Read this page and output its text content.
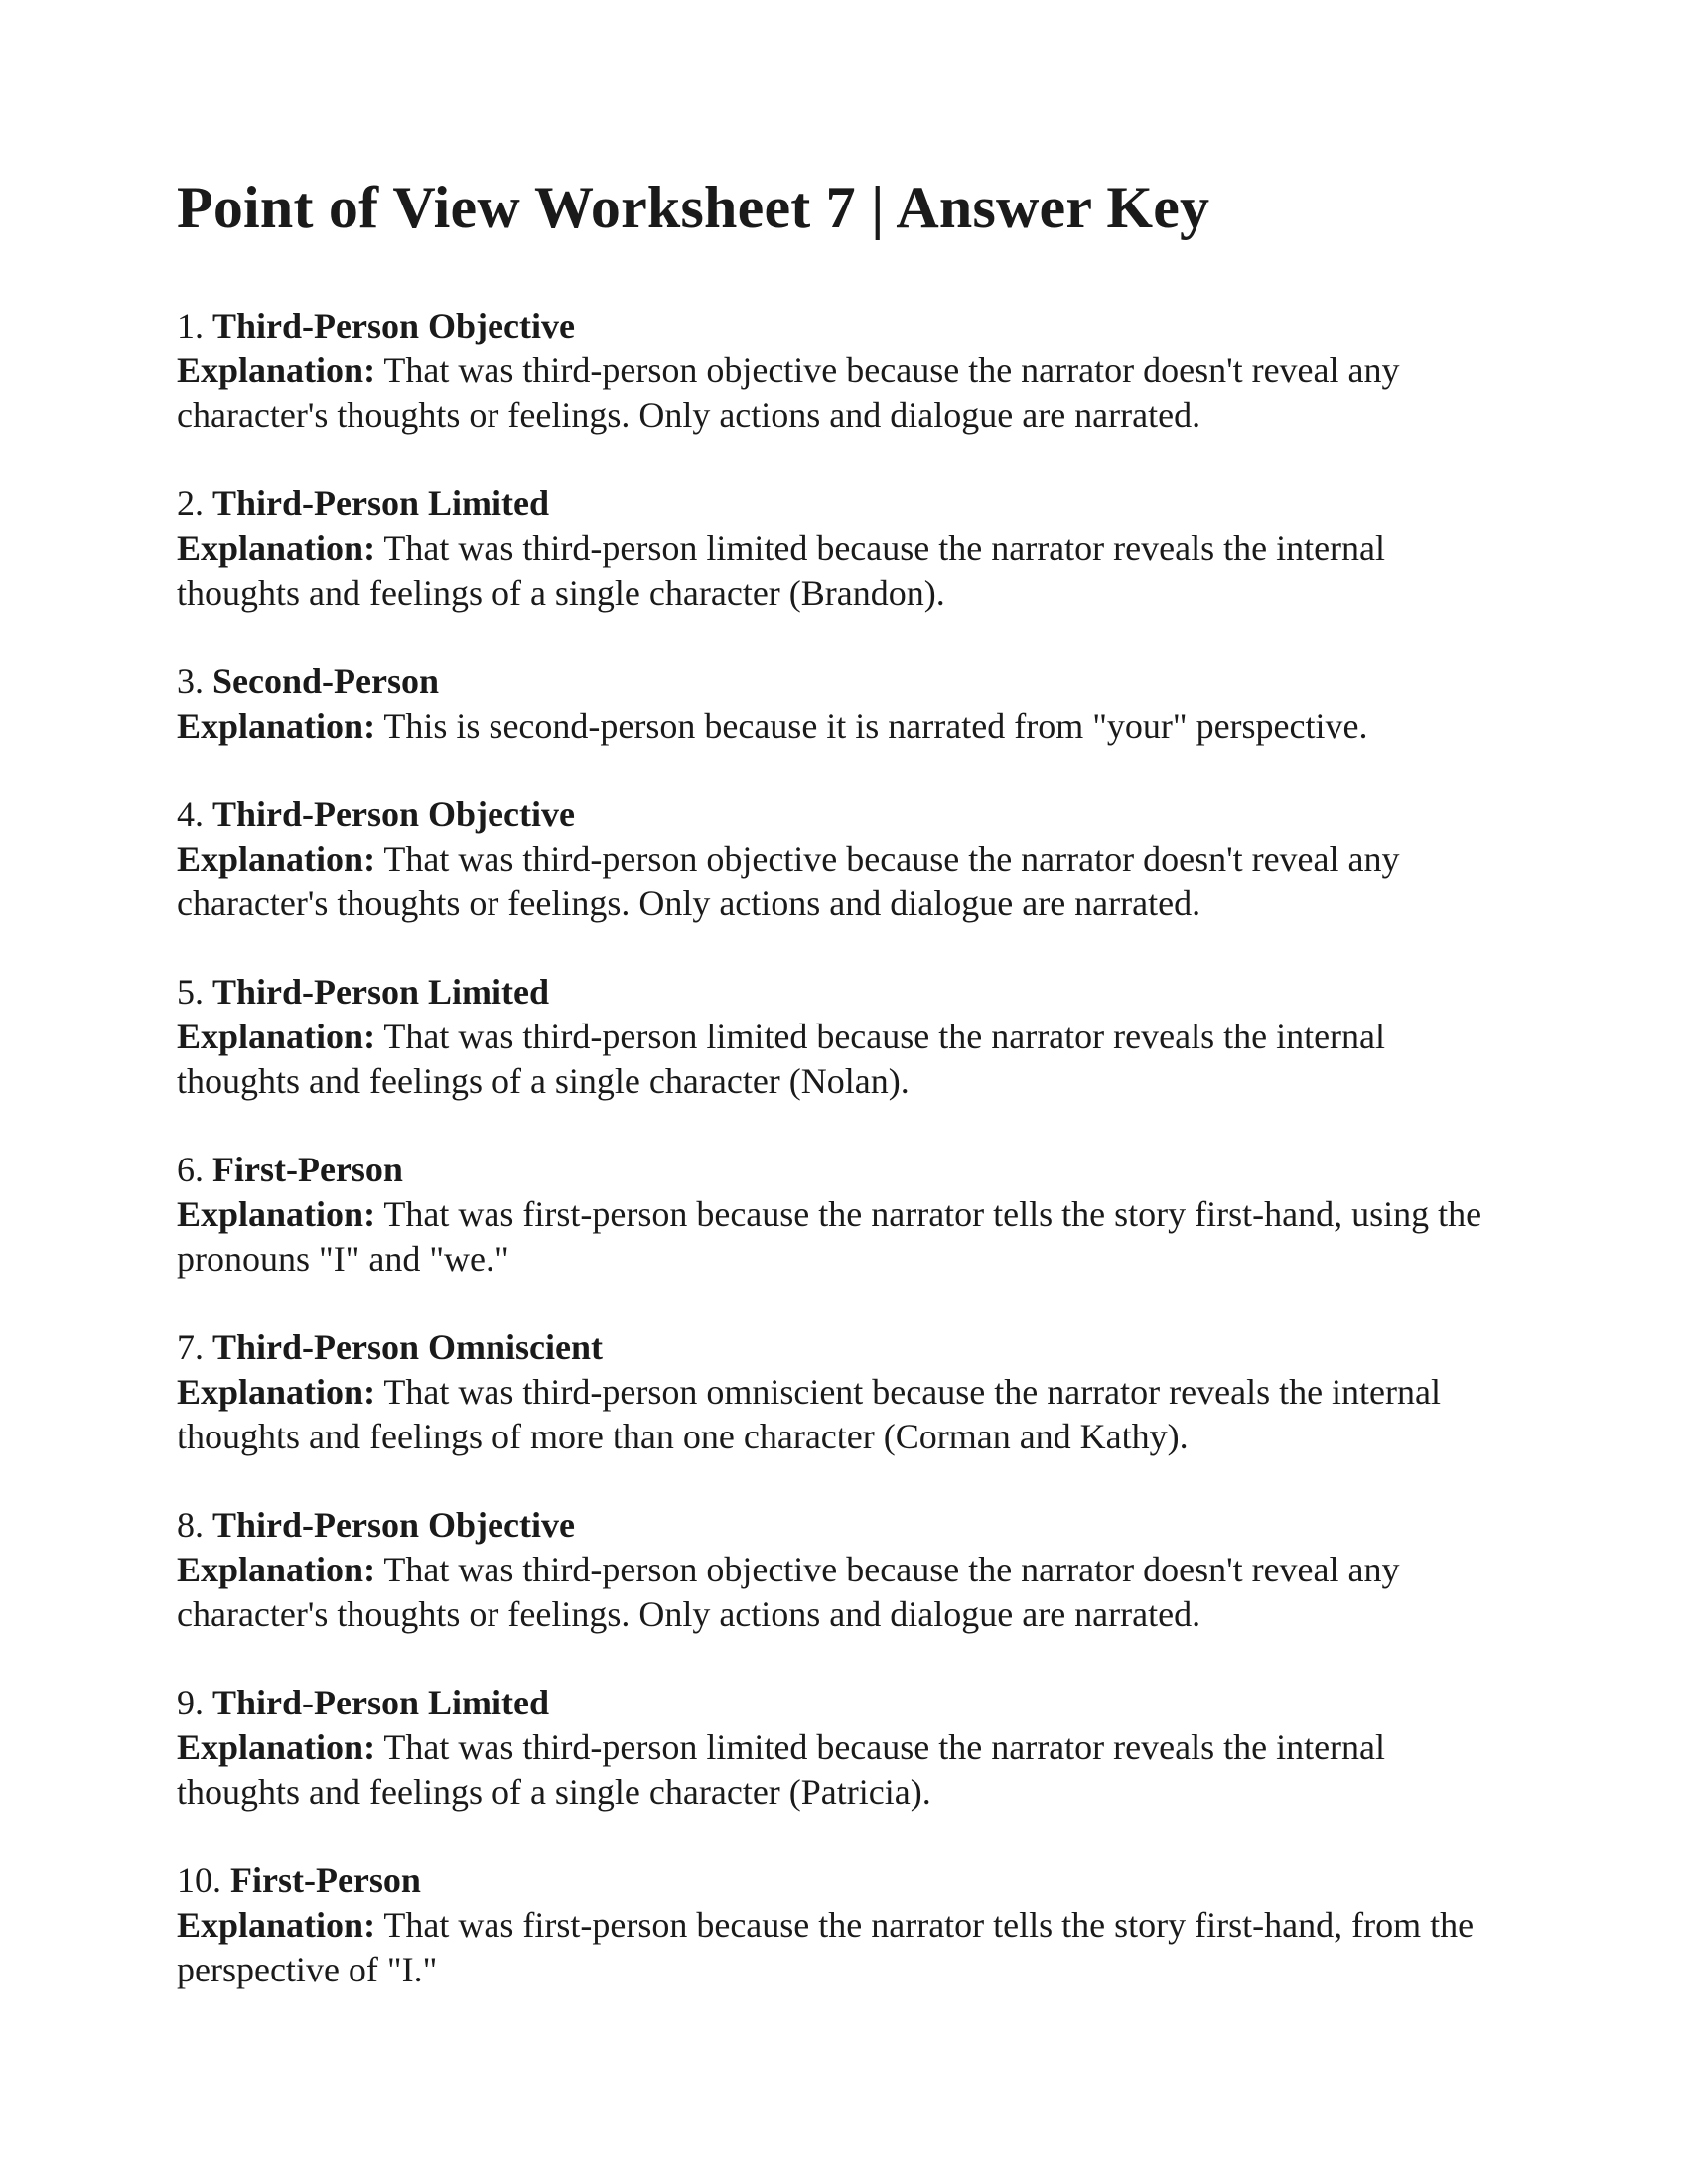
Point of View Worksheet 7 | Answer Key
1. Third-Person Objective
Explanation: That was third-person objective because the narrator doesn't reveal any character's thoughts or feelings. Only actions and dialogue are narrated.
2. Third-Person Limited
Explanation: That was third-person limited because the narrator reveals the internal thoughts and feelings of a single character (Brandon).
3. Second-Person
Explanation: This is second-person because it is narrated from "your" perspective.
4. Third-Person Objective
Explanation: That was third-person objective because the narrator doesn't reveal any character's thoughts or feelings. Only actions and dialogue are narrated.
5. Third-Person Limited
Explanation: That was third-person limited because the narrator reveals the internal thoughts and feelings of a single character (Nolan).
6. First-Person
Explanation: That was first-person because the narrator tells the story first-hand, using the pronouns "I" and "we."
7. Third-Person Omniscient
Explanation: That was third-person omniscient because the narrator reveals the internal thoughts and feelings of more than one character (Corman and Kathy).
8. Third-Person Objective
Explanation: That was third-person objective because the narrator doesn't reveal any character's thoughts or feelings. Only actions and dialogue are narrated.
9. Third-Person Limited
Explanation: That was third-person limited because the narrator reveals the internal thoughts and feelings of a single character (Patricia).
10. First-Person
Explanation: That was first-person because the narrator tells the story first-hand, from the perspective of "I."
